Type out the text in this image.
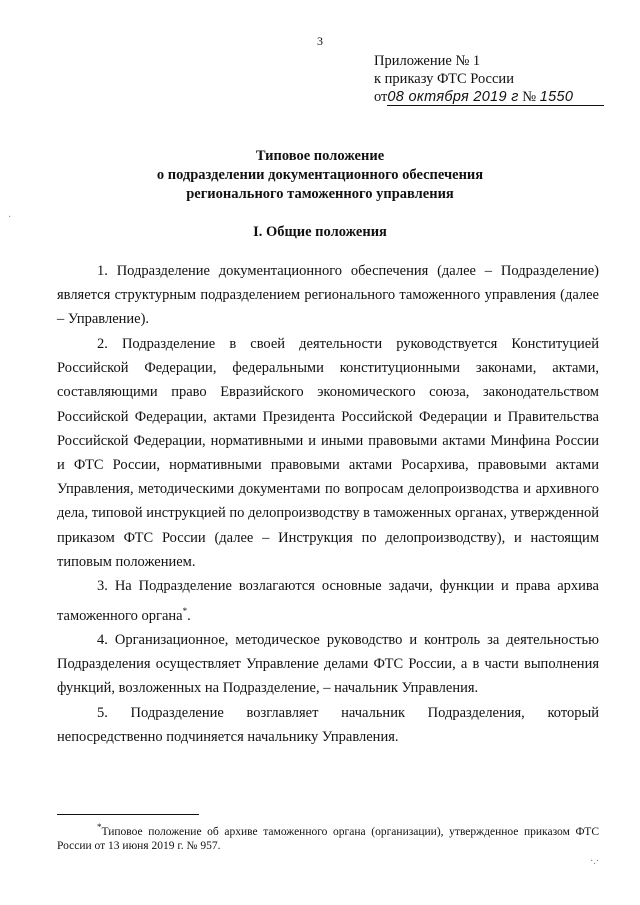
3
Приложение № 1
к приказу ФТС России
от08 октября 2019 г № 1550
Типовое положение
о подразделении документационного обеспечения
регионального таможенного управления
I. Общие положения

1. Подразделение документационного обеспечения (далее – Подразделение) является структурным подразделением регионального таможенного управления (далее – Управление).

2. Подразделение в своей деятельности руководствуется Конституцией Российской Федерации, федеральными конституционными законами, актами, составляющими право Евразийского экономического союза, законодательством Российской Федерации, актами Президента Российской Федерации и Правительства Российской Федерации, нормативными и иными правовыми актами Минфина России и ФТС России, нормативными правовыми актами Росархива, правовыми актами Управления, методическими документами по вопросам делопроизводства и архивного дела, типовой инструкцией по делопроизводству в таможенных органах, утвержденной приказом ФТС России (далее – Инструкция по делопроизводству), и настоящим типовым положением.

3. На Подразделение возлагаются основные задачи, функции и права архива таможенного органа*.

4. Организационное, методическое руководство и контроль за деятельностью Подразделения осуществляет Управление делами ФТС России, а в части выполнения функций, возложенных на Подразделение, – начальник Управления.

5. Подразделение возглавляет начальник Подразделения, который непосредственно подчиняется начальнику Управления.

*Типовое положение об архиве таможенного органа (организации), утвержденное приказом ФТС России от 13 июня 2019 г. № 957.
·
·.·
